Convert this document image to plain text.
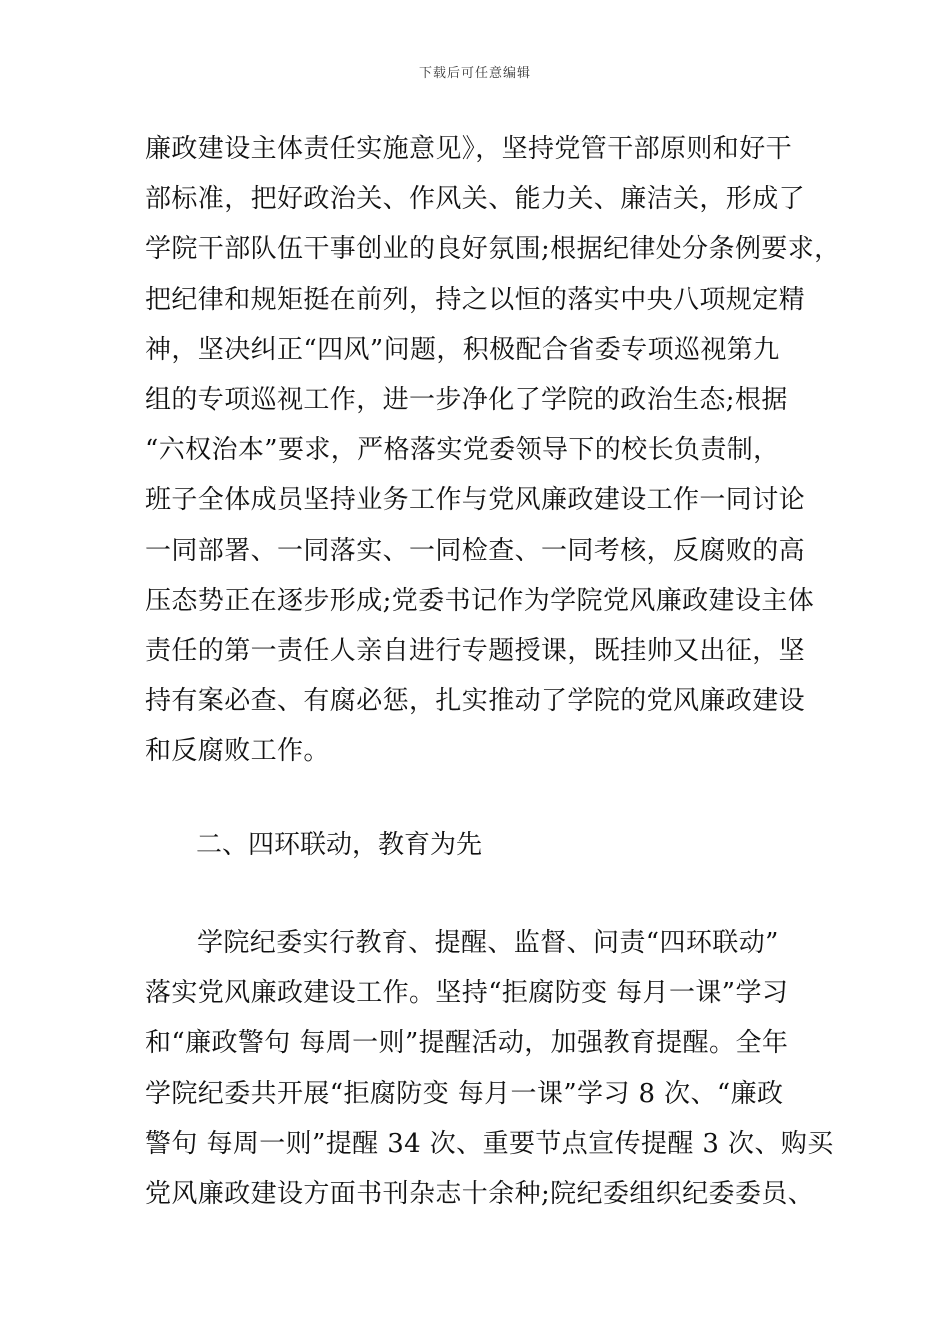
下载后可任意编辑
廉政建设主体责任实施意见》，坚持党管干部原则和好干
部标准，把好政治关、作风关、能力关、廉洁关，形成了
学院干部队伍干事创业的良好氛围;根据纪律处分条例要求，
把纪律和规矩挺在前列，持之以恒的落实中央八项规定精
神，坚决纠正“四风”问题，积极配合省委专项巡视第九
组的专项巡视工作，进一步净化了学院的政治生态;根据
“六权治本”要求，严格落实党委领导下的校长负责制，
班子全体成员坚持业务工作与党风廉政建设工作一同讨论
一同部署、一同落实、一同检查、一同考核，反腐败的高
压态势正在逐步形成;党委书记作为学院党风廉政建设主体
责任的第一责任人亲自进行专题授课，既挂帅又出征，坚
持有案必查、有腐必惩，扎实推动了学院的党风廉政建设
和反腐败工作。
二、四环联动，教育为先
学院纪委实行教育、提醒、监督、问责“四环联动”
落实党风廉政建设工作。坚持“拒腐防变 每月一课”学习
和“廉政警句 每周一则”提醒活动，加强教育提醒。全年
学院纪委共开展“拒腐防变 每月一课”学习 8 次、“廉政
警句 每周一则”提醒 34 次、重要节点宣传提醒 3 次、购买
党风廉政建设方面书刊杂志十余种;院纪委组织纪委委员、
